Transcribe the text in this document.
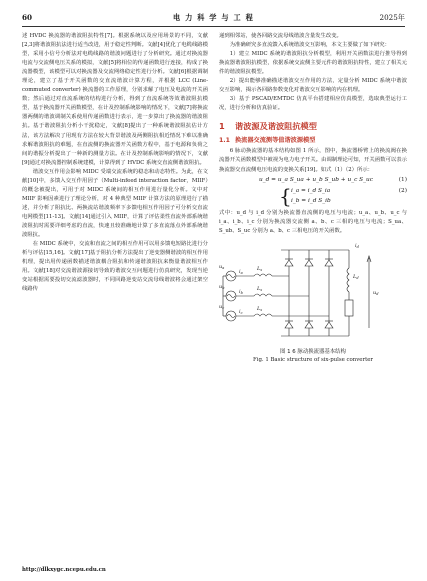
60	电 力 科 学 与 工 程	2025年

述 HVDC 换流器的谐波阻抗特性[7]。根据系统以及应用场景的不同，文献[2,3]将谐波阻抗法进行适当改进，用于稳定性判断。文献[4]优化了电缆线路模型，采用小信号分析法对电缆线路的谐波问题进行了分析研究。通过对换流器电流与交流侧电压关系的模拟，文献[5]将相位的传递函数进行连接，构成了换流器模型，该模型可以对换流器及交流网络稳定性进行分析。文献[6]根据调制理论，建立了基于开关函数的交直流谐波计算方程，并根据 LCC (Line-commuted converter) 换流器的工作原理，分别求解了电压及电流的开关函数；然后通过对直流系统的结构进行分析，得到了直流系统等效谐波阻抗模型，基于换流器开关函数模型，在计及控制系统影响的情况下，文献[7]将换流器两侧的谐波调制关系使用传递函数进行表示，进一步算出了换流器的谐波阻抗。基于谐波阻抗分析小干扰稳定，文献[8]提出了一种系统谐波阻抗估计方法，该方法解决了用现有方法在较大背景谐波及两侧阻抗相近情况下难以准确求解谐波阻抗的难题，在直流侧的换流器开关函数方程中，基于电源和负荷之间的谐振分析提出了一种新的测量方法。在计及控制系统影响的情况下，文献[9]通过对换流器控制系统建模，计算得到了 HVDC 系统交直流侧谐波阻抗。

谐波交互作用会影响 MIDC 受端交流系统的稳态和动态特性。为此，在文献[10]中，多馈入交互作用因子（Multi-infeed interaction factor，MIIF）的概念被提出，可用于对 MIDC 系统间的相互作用进行量化分析。文中对 MIIF 影响因素进行了理论分析，对 4 种典型 MIIF 计算方法的原理进行了描述，并分析了阻抗比、两换流站谐波频率下多馈电相互作用因子可分析交直流电网模型[11-13]。文献[14]通过引入 MIIF，计算了评估柔性直流外部系统谐波阻抗时需要详细考虑的直流，快速且较准确地计算了多直流落点外部系统谐波阻抗。

在 MIDC 系统中，交流和直流之间的相互作用可以用多馈电短路比进行分析与评估[15,16]。文献[17]基于阻抗分析方法提出了逆变器侧谐波的相互作用机理，提出用传递函数描述谐波耦合阻抗和传递谐波阻抗来衡量谐波相互作用。文献[18]对交流谐波源接切导致的谐波交互问题进行仿真研究，发现当逆变站根据需要投切交流滤波器时，不同回路逆变站交流母线谐波将会通过架空线路传

递到相邻站，使各回路交流母线谐波含量发生改变。

为准确研究多直流馈入系统谐波交互影响，本文主要做了如下研究：

1）建立 MIDC 系统的谐波阻抗分析模型，利用开关函数法进行推导得到换流器谐波阻抗模型，依据系统交流侧主要元件的谐波阻抗特性，建立了相关元件的谐波阻抗模型。

2）提出能够准确描述谐波交互作用的方法，定量分析 MIDC 系统中谐波交互影响，揭示各回路参数变化对谐波交互影响的内在机理。

3）基于 PSCAD/EMTDC 仿真平台搭建相应仿真模型，选取典型运行工况，进行分析和仿真验证。

1 谐波源及谐波阻抗模型
1.1 换流器交流测等值谐波源模型

6 脉动换流器的基本结构如图 1 所示，图中，换流器桥臂上的换流阀在换流器开关函数模型中被视为电力电子开关。由调制理论可知，开关函数可以表示换流器交直流侧电压电流的变换关系[19]。如式（1）（2）所示：

u_d = u_a S_ua + u_b S_ub + u_c S_uc	(1)
{ i_a = i_d S_ia
i_b = i_d S_ib
(2)

式中：u_d 与 i_d 分别为换流器直流侧的电压与电流；u_a、u_b、u_c 与 i_a、i_b、i_c 分别为换流器交流侧 a、b、c 三相的电压与电流；S_ua、S_ub、S_uc 分别为 a、b、c 三相电压的开关函数。

$u_a$
$u_b$
$u_c$
$L_s$
$L_s$
$L_s$
$i_a$
$i_b$
$i_c$
$L_d$
$i_d$
$u_d$
图 1 6 脉动换流器基本结构
Fig. 1 Basic structure of six-pulse converter
http://dlkxygc.ncepu.edu.cn
